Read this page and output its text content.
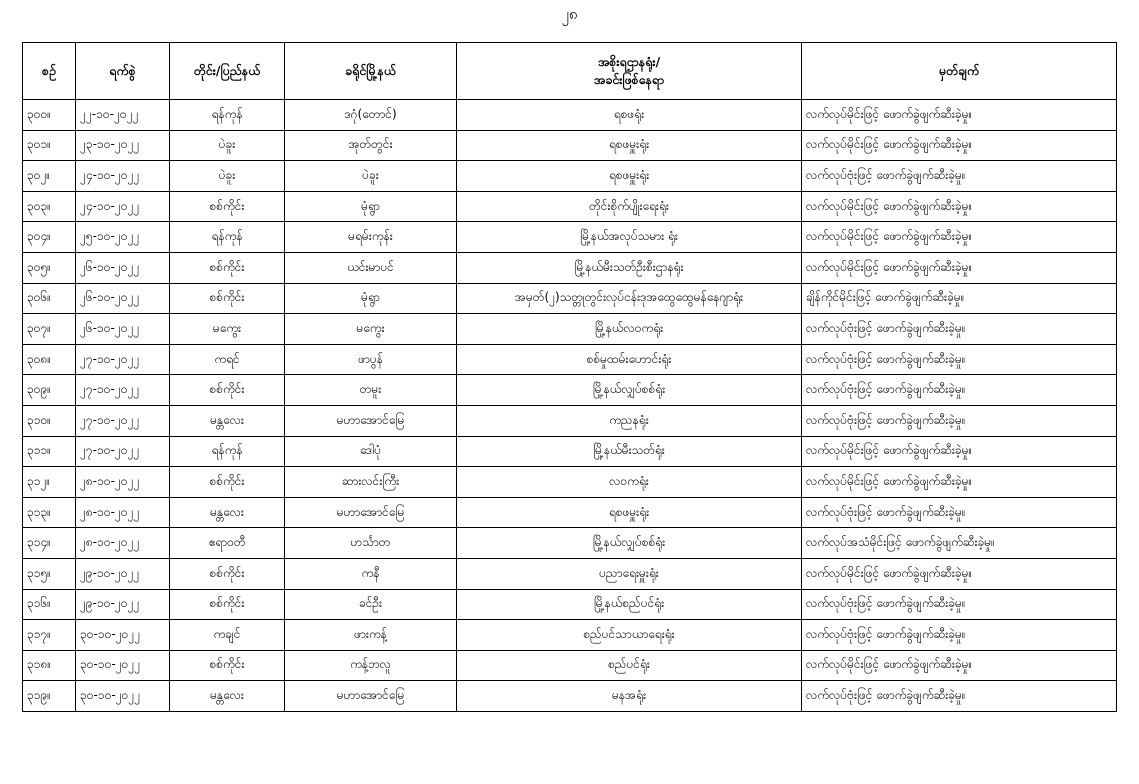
၂၈
စဉ်	ရက်စွဲ	တိုင်း/ပြည်နယ်	ခရိုင်မြို့နယ်	အစိုးရဌာနရုံး/
အခင်းဖြစ်နေရာ	မှတ်ချက်
၃၀၀။	၂၂-၁၀-၂၀၂၂	ရန်ကုန်	ဒဂုံ(တောင်)	ရစဖရုံး	လက်လုပ်မိုင်းဖြင့် ဖောက်ခွဲဖျက်ဆီးခဲ့မှု။
၃၀၁။	၂၃-၁၀-၂၀၂၂	ပဲခူး	အုတ်တွင်း	ရစဖမှူးရုံး	လက်လုပ်မိုင်းဖြင့် ဖောက်ခွဲဖျက်ဆီးခဲ့မှု။
၃၀၂။	၂၄-၁၀-၂၀၂၂	ပဲခူး	ပဲခူး	ရစဖမှူးရုံး	လက်လုပ်ဗုံးဖြင့် ဖောက်ခွဲဖျက်ဆီးခဲ့မှု။
၃၀၃။	၂၄-၁၀-၂၀၂၂	စစ်ကိုင်း	မုံရွာ	တိုင်းစိုက်ပျိုးရေးရုံး	လက်လုပ်မိုင်းဖြင့် ဖောက်ခွဲဖျက်ဆီးခဲ့မှု။
၃၀၄။	၂၅-၁၀-၂၀၂၂	ရန်ကုန်	မရမ်းကုန်း	မြို့နယ်အလုပ်သမား ရုံး	လက်လုပ်မိုင်းဖြင့် ဖောက်ခွဲဖျက်ဆီးခဲ့မှု။
၃၀၅။	၂၆-၁၀-၂၀၂၂	စစ်ကိုင်း	ယင်းမာပင်	မြို့နယ်မီးသတ်ဦးစီးဌာနရုံး	လက်လုပ်မိုင်းဖြင့် ဖောက်ခွဲဖျက်ဆီးခဲ့မှု။
၃၀၆။	၂၆-၁၀-၂၀၂၂	စစ်ကိုင်း	မုံရွာ	အမှတ်(၂)သတ္တုတွင်းလုပ်ငန်းဒုအထွေထွေမန်နေဂျာရုံး	ချိန်ကိုင်မိုင်းဖြင့် ဖောက်ခွဲဖျက်ဆီးခဲ့မှု။
၃၀၇။	၂၆-၁၀-၂၀၂၂	မကွေး	မကွေး	မြို့နယ်လဝကရုံး	လက်လုပ်ဗုံးဖြင့် ဖောက်ခွဲဖျက်ဆီးခဲ့မှု။
၃၀၈။	၂၇-၁၀-၂၀၂၂	ကရင်	ဖာပွန်	စစ်မှုထမ်းဟောင်းရုံး	လက်လုပ်ဗုံးဖြင့် ဖောက်ခွဲဖျက်ဆီးခဲ့မှု။
၃၀၉။	၂၇-၁၀-၂၀၂၂	စစ်ကိုင်း	တမူး	မြို့နယ်လျှပ်စစ်ရုံး	လက်လုပ်ဗုံးဖြင့် ဖောက်ခွဲဖျက်ဆီးခဲ့မှု။
၃၁၀။	၂၇-၁၀-၂၀၂၂	မန္တလေး	မဟာအောင်မြေ	ကညနရုံး	လက်လုပ်ဗုံးဖြင့် ဖောက်ခွဲဖျက်ဆီးခဲ့မှု။
၃၁၁။	၂၇-၁၀-၂၀၂၂	ရန်ကုန်	ဒေါပုံ	မြို့နယ်မီးသတ်ရုံး	လက်လုပ်မိုင်းဖြင့် ဖောက်ခွဲဖျက်ဆီးခဲ့မှု။
၃၁၂။	၂၈-၁၀-၂၀၂၂	စစ်ကိုင်း	ဆားလင်းကြီး	လဝကရုံး	လက်လုပ်မိုင်းဖြင့် ဖောက်ခွဲဖျက်ဆီးခဲ့မှု။
၃၁၃။	၂၈-၁၀-၂၀၂၂	မန္တလေး	မဟာအောင်မြေ	ရစဖမှူးရုံး	လက်လုပ်ဗုံးဖြင့် ဖောက်ခွဲဖျက်ဆီးခဲ့မှု။
၃၁၄။	၂၈-၁၀-၂၀၂၂	ဧရာဝတီ	ဟင်္သာတ	မြို့နယ်လျှပ်စစ်ရုံး	လက်လုပ်အသံမိုင်းဖြင့် ဖောက်ခွဲဖျက်ဆီးခဲ့မှု။
၃၁၅။	၂၉-၁၀-၂၀၂၂	စစ်ကိုင်း	ကနီ	ပညာရေးမှူးရုံး	လက်လုပ်မိုင်းဖြင့် ဖောက်ခွဲဖျက်ဆီးခဲ့မှု။
၃၁၆။	၂၉-၁၀-၂၀၂၂	စစ်ကိုင်း	ခင်ဦး	မြို့နယ်စည်ပင်ရုံး	လက်လုပ်ဗုံးဖြင့် ဖောက်ခွဲဖျက်ဆီးခဲ့မှု။
၃၁၇။	၃၀-၁၀-၂၀၂၂	ကချင်	ဖားကန့်	စည်ပင်သာယာရေးရုံး	လက်လုပ်ဗုံးဖြင့် ဖောက်ခွဲဖျက်ဆီးခဲ့မှု။
၃၁၈။	၃၀-၁၀-၂၀၂၂	စစ်ကိုင်း	ကန့်ဘလူ	စည်ပင်ရုံး	လက်လုပ်မိုင်းဖြင့် ဖောက်ခွဲဖျက်ဆီးခဲ့မှု။
၃၁၉။	၃၀-၁၀-၂၀၂၂	မန္တလေး	မဟာအောင်မြေ	မနအရုံး	လက်လုပ်ဗုံးဖြင့် ဖောက်ခွဲဖျက်ဆီးခဲ့မှု။
